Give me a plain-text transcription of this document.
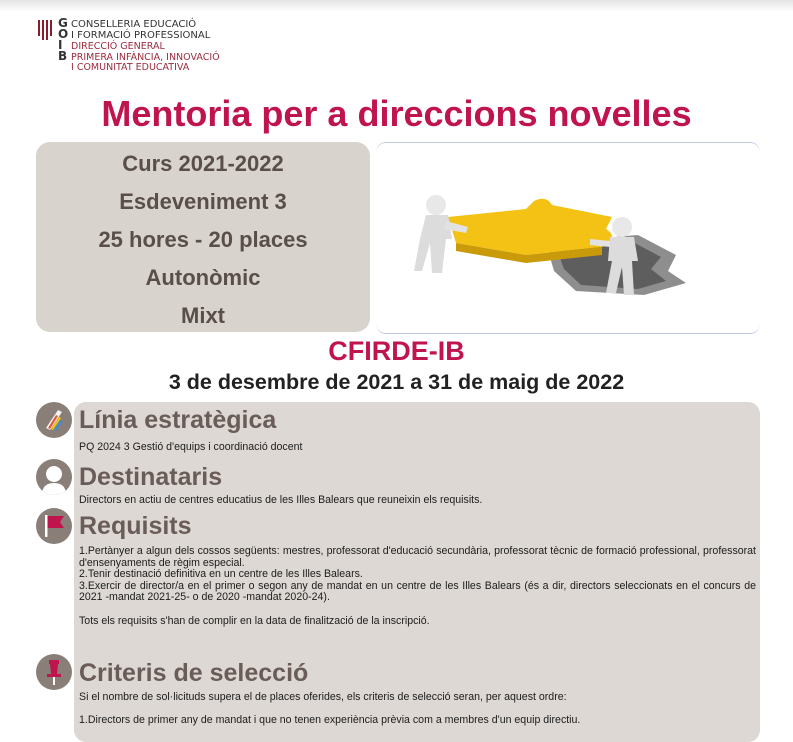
G CONSELLERIA EDUCACIÓ
O I FORMACIÓ PROFESSIONAL
I DIRECCIÓ GENERAL
B PRIMERA INFÀNCIA, INNOVACIÓ
I COMUNITAT EDUCATIVA
Mentoria per a direccions novelles
Curs 2021-2022
Esdeveniment 3
25 hores - 20 places
Autonòmic
Mixt
CFIRDE-IB
3 de desembre de 2021 a 31 de maig de 2022
Línia estratègica
PQ 2024 3 Gestió d'equips i coordinació docent
Destinataris
Directors en actiu de centres educatius de les Illes Balears que reuneixin els requisits.
Requisits
1.Pertànyer a algun dels cossos següents: mestres, professorat d'educació secundària, professorat tècnic de formació professional, professorat d'ensenyaments de règim especial.
2.Tenir destinació definitiva en un centre de les Illes Balears.
3.Exercir de director/a en el primer o segon any de mandat en un centre de les Illes Balears (és a dir, directors seleccionats en el concurs de 2021 -mandat 2021-25- o de 2020 -mandat 2020-24).
Tots els requisits s'han de complir en la data de finalització de la inscripció.
Criteris de selecció
Si el nombre de sol·licituds supera el de places oferides, els criteris de selecció seran, per aquest ordre:
1.Directors de primer any de mandat i que no tenen experiència prèvia com a membres d'un equip directiu.
